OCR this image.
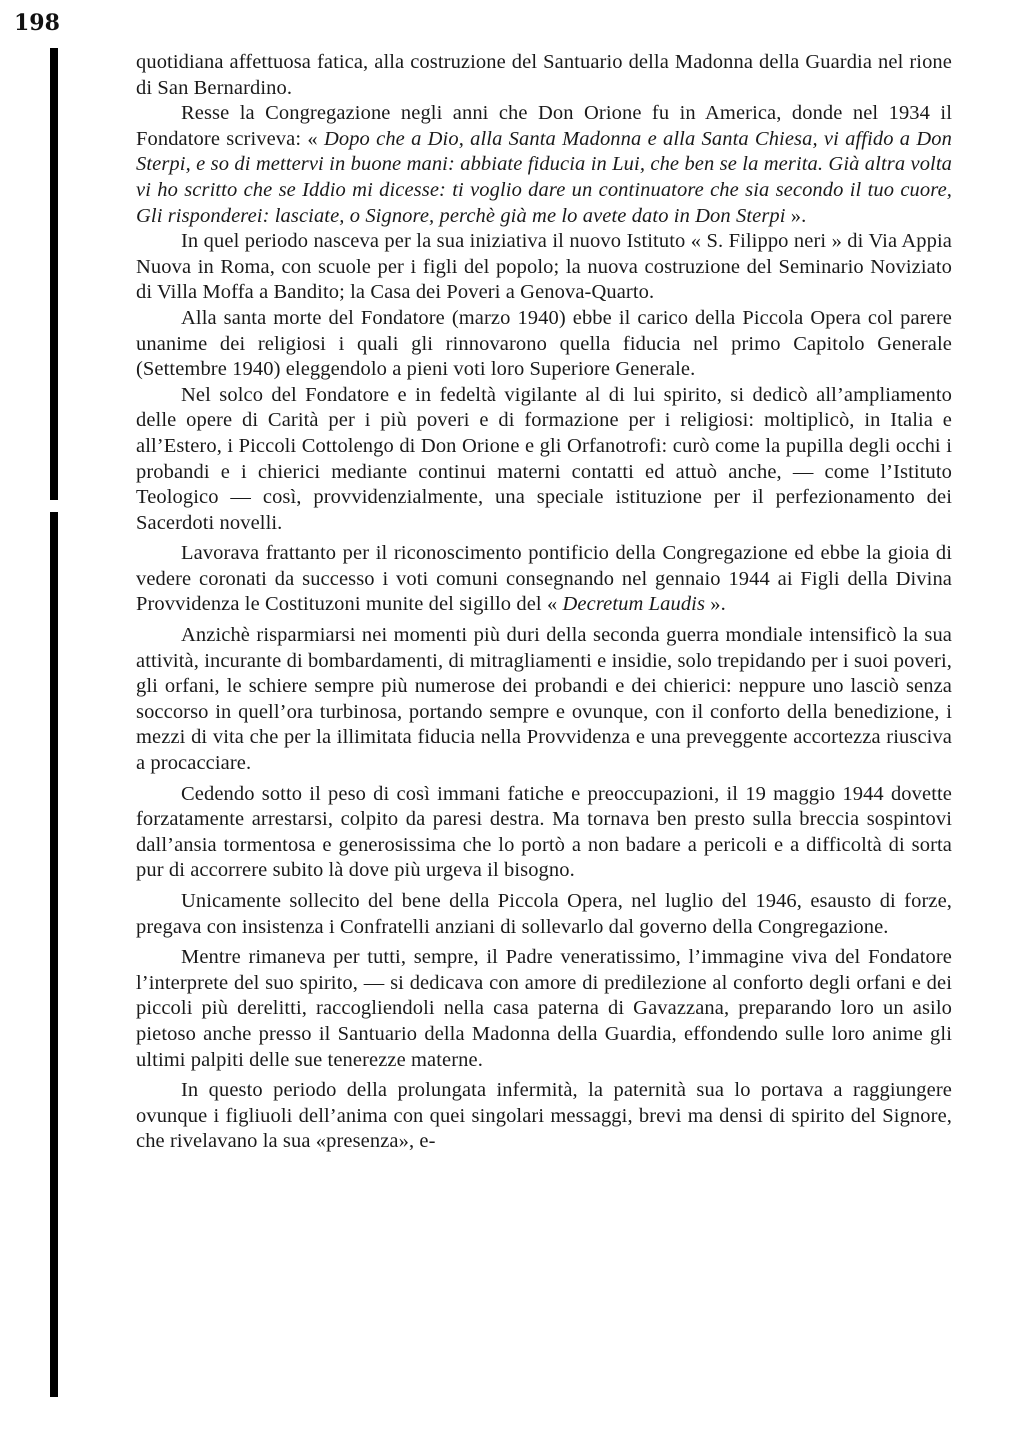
198

quotidiana affettuosa fatica, alla costruzione del Santuario della Madonna della Guardia nel rione di San Bernardino.

Resse la Congregazione negli anni che Don Orione fu in America, donde nel 1934 il Fondatore scriveva: « Dopo che a Dio, alla Santa Madonna e alla Santa Chiesa, vi affido a Don Sterpi, e so di mettervi in buone mani: abbiate fiducia in Lui, che ben se la merita. Già altra volta vi ho scritto che se Iddio mi dicesse: ti voglio dare un continuatore che sia secondo il tuo cuore, Gli risponderei: lasciate, o Signore, perchè già me lo avete dato in Don Sterpi ».

In quel periodo nasceva per la sua iniziativa il nuovo Istituto « S. Filippo neri » di Via Appia Nuova in Roma, con scuole per i figli del popolo; la nuova costruzione del Seminario Noviziato di Villa Moffa a Bandito; la Casa dei Poveri a Genova-Quarto.

Alla santa morte del Fondatore (marzo 1940) ebbe il carico della Piccola Opera col parere unanime dei religiosi i quali gli rinnovarono quella fiducia nel primo Capitolo Generale (Settembre 1940) eleggendolo a pieni voti loro Superiore Generale.

Nel solco del Fondatore e in fedeltà vigilante al di lui spirito, si dedicò all’ampliamento delle opere di Carità per i più poveri e di formazione per i religiosi: moltiplicò, in Italia e all’Estero, i Piccoli Cottolengo di Don Orione e gli Orfanotrofi: curò come la pupilla degli occhi i probandi e i chierici mediante continui materni contatti ed attuò anche, — come l’Istituto Teologico — così, provvidenzialmente, una speciale istituzione per il perfezionamento dei Sacerdoti novelli.

Lavorava frattanto per il riconoscimento pontificio della Congregazione ed ebbe la gioia di vedere coronati da successo i voti comuni consegnando nel gennaio 1944 ai Figli della Divina Provvidenza le Costituzoni munite del sigillo del « Decretum Laudis ».

Anzichè risparmiarsi nei momenti più duri della seconda guerra mondiale intensificò la sua attività, incurante di bombardamenti, di mitragliamenti e insidie, solo trepidando per i suoi poveri, gli orfani, le schiere sempre più numerose dei probandi e dei chierici: neppure uno lasciò senza soccorso in quell’ora turbinosa, portando sempre e ovunque, con il conforto della benedizione, i mezzi di vita che per la illimitata fiducia nella Provvidenza e una preveggente accortezza riusciva a procacciare.

Cedendo sotto il peso di così immani fatiche e preoccupazioni, il 19 maggio 1944 dovette forzatamente arrestarsi, colpito da paresi destra. Ma tornava ben presto sulla breccia sospintovi dall’ansia tormentosa e generosissima che lo portò a non badare a pericoli e a difficoltà di sorta pur di accorrere subito là dove più urgeva il bisogno.

Unicamente sollecito del bene della Piccola Opera, nel luglio del 1946, esausto di forze, pregava con insistenza i Confratelli anziani di sollevarlo dal governo della Congregazione.

Mentre rimaneva per tutti, sempre, il Padre veneratissimo, l’immagine viva del Fondatore l’interprete del suo spirito, — si dedicava con amore di predilezione al conforto degli orfani e dei piccoli più derelitti, raccogliendoli nella casa paterna di Gavazzana, preparando loro un asilo pietoso anche presso il Santuario della Madonna della Guardia, effondendo sulle loro anime gli ultimi palpiti delle sue tenerezze materne.

In questo periodo della prolungata infermità, la paternità sua lo portava a raggiungere ovunque i figliuoli dell’anima con quei singolari messaggi, brevi ma densi di spirito del Signore, che rivelavano la sua «presenza», e-
